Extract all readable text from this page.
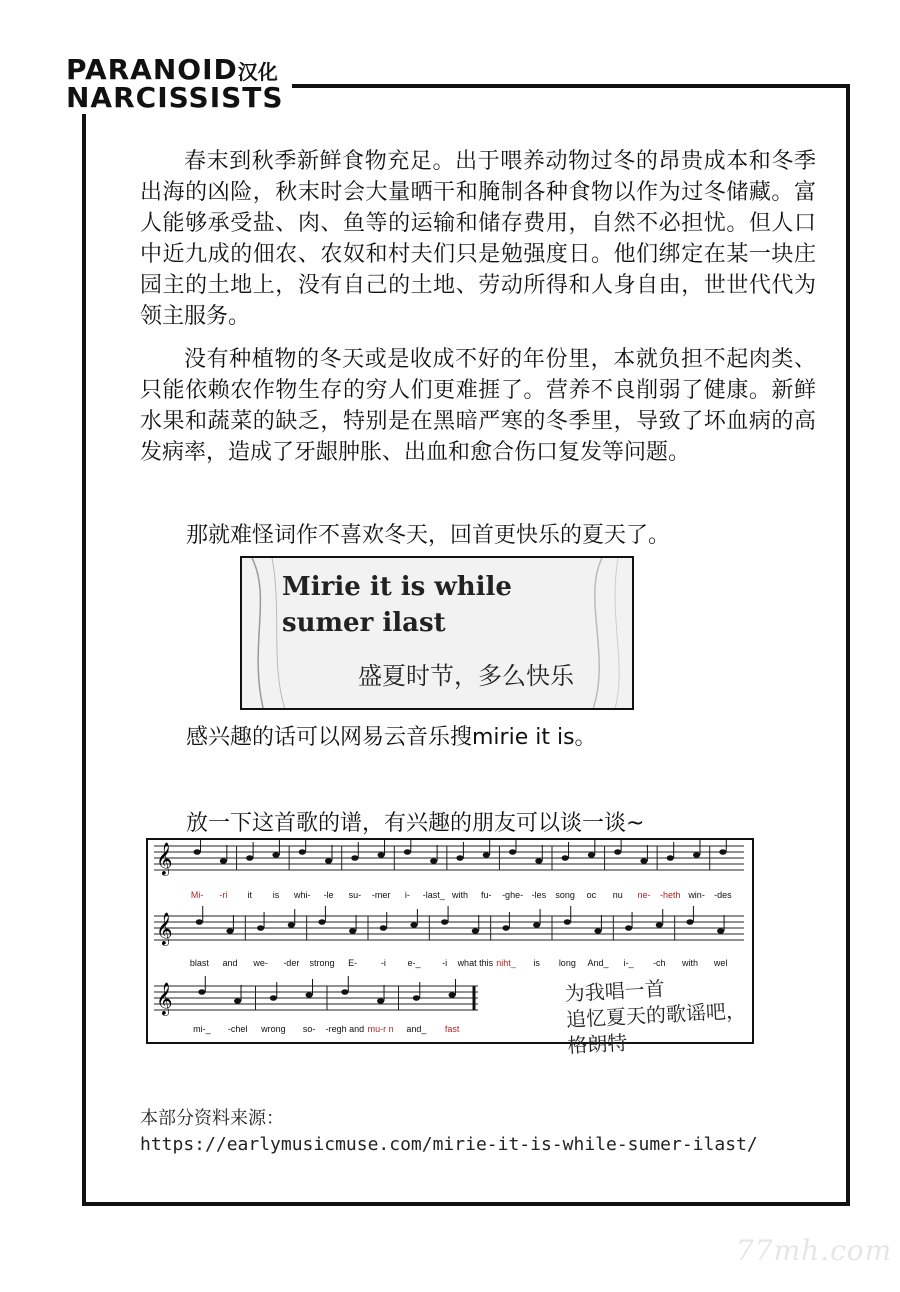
PARANOID汉化
NARCISSISTS

春末到秋季新鲜食物充足。出于喂养动物过冬的昂贵成本和冬季出海的凶险，秋末时会大量晒干和腌制各种食物以作为过冬储藏。富人能够承受盐、肉、鱼等的运输和储存费用，自然不必担忧。但人口中近九成的佃农、农奴和村夫们只是勉强度日。他们绑定在某一块庄园主的土地上，没有自己的土地、劳动所得和人身自由，世世代代为领主服务。

没有种植物的冬天或是收成不好的年份里，本就负担不起肉类、只能依赖农作物生存的穷人们更难捱了。营养不良削弱了健康。新鲜水果和蔬菜的缺乏，特别是在黑暗严寒的冬季里，导致了坏血病的高发病率，造成了牙龈肿胀、出血和愈合伤口复发等问题。

那就难怪词作不喜欢冬天，回首更快乐的夏天了。

Mirie it is while
sumer ilast
盛夏时节，多么快乐

感兴趣的话可以网易云音乐搜mirie it is。

放一下这首歌的谱，有兴趣的朋友可以谈一谈~

𝄞
Mi- -ri it is whi- -le su- -mer i- -last_ with fu- -ghe- -les song oc nu ne- -heth win- -des
𝄞
blast and we- -der strong E-	-i e-_ -i what this niht_ is long And_ i-_ -ch with wel
𝄞
mi-_ -chel wrong so- -regh and mu-r n and_ fast
为我唱一首
追忆夏天的歌谣吧，
格朗特
本部分资料来源：
https://earlymusicmuse.com/mirie-it-is-while-sumer-ilast/
77mh.com
